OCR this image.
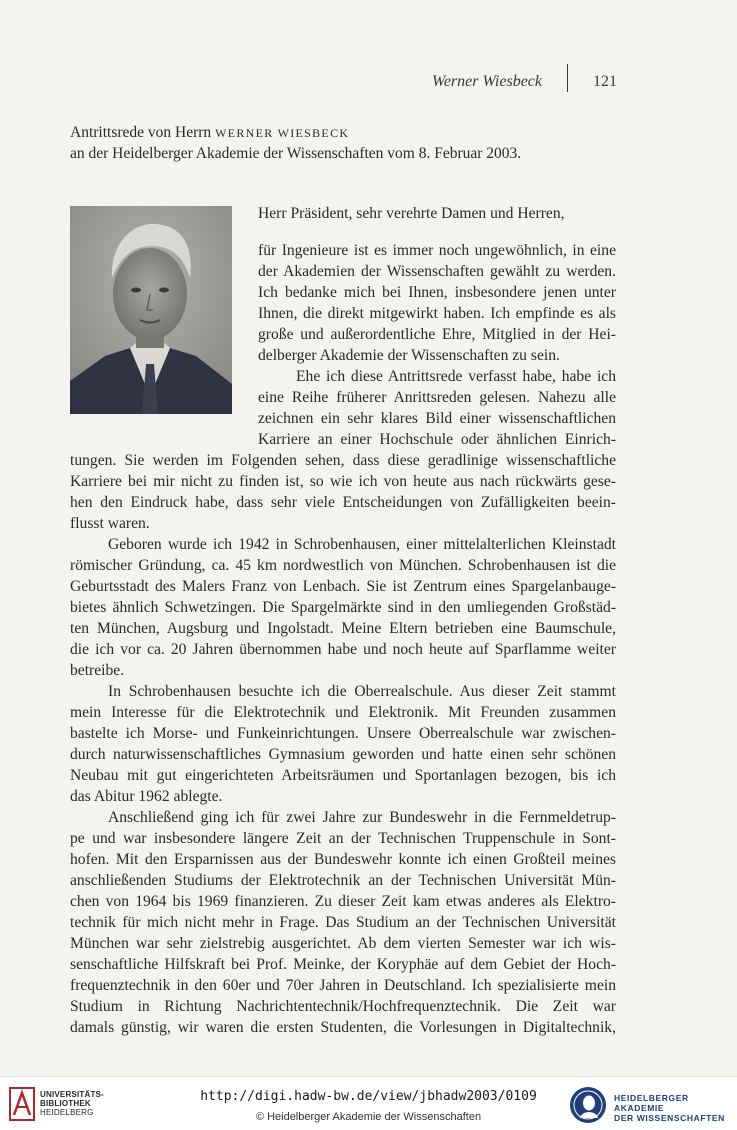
Werner Wiesbeck	121
Antrittsrede von Herrn WERNER WIESBECK
an der Heidelberger Akademie der Wissenschaften vom 8. Februar 2003.
Herr Präsident, sehr verehrte Damen und Herren,
für Ingenieure ist es immer noch ungewöhnlich, in eine
der Akademien der Wissenschaften gewählt zu werden.
Ich bedanke mich bei Ihnen, insbesondere jenen unter
Ihnen, die direkt mitgewirkt haben. Ich empfinde es als
große und außerordentliche Ehre, Mitglied in der Hei-
delberger Akademie der Wissenschaften zu sein.
Ehe ich diese Antrittsrede verfasst habe, habe ich
eine Reihe früherer Anrittsreden gelesen. Nahezu alle
zeichnen ein sehr klares Bild einer wissenschaftlichen
Karriere an einer Hochschule oder ähnlichen Einrich-
tungen. Sie werden im Folgenden sehen, dass diese geradlinige wissenschaftliche
Karriere bei mir nicht zu finden ist, so wie ich von heute aus nach rückwärts gese-
hen den Eindruck habe, dass sehr viele Entscheidungen von Zufälligkeiten beein-
flusst waren.
Geboren wurde ich 1942 in Schrobenhausen, einer mittelalterlichen Kleinstadt
römischer Gründung, ca. 45 km nordwestlich von München. Schrobenhausen ist die
Geburtsstadt des Malers Franz von Lenbach. Sie ist Zentrum eines Spargelanbauge-
bietes ähnlich Schwetzingen. Die Spargelmärkte sind in den umliegenden Großstäd-
ten München, Augsburg und Ingolstadt. Meine Eltern betrieben eine Baumschule,
die ich vor ca. 20 Jahren übernommen habe und noch heute auf Sparflamme weiter
betreibe.
In Schrobenhausen besuchte ich die Oberrealschule. Aus dieser Zeit stammt
mein Interesse für die Elektrotechnik und Elektronik. Mit Freunden zusammen
bastelte ich Morse- und Funkeinrichtungen. Unsere Oberrealschule war zwischen-
durch naturwissenschaftliches Gymnasium geworden und hatte einen sehr schönen
Neubau mit gut eingerichteten Arbeitsräumen und Sportanlagen bezogen, bis ich
das Abitur 1962 ablegte.
Anschließend ging ich für zwei Jahre zur Bundeswehr in die Fernmeldetrup-
pe und war insbesondere längere Zeit an der Technischen Truppenschule in Sont-
hofen. Mit den Ersparnissen aus der Bundeswehr konnte ich einen Großteil meines
anschließenden Studiums der Elektrotechnik an der Technischen Universität Mün-
chen von 1964 bis 1969 finanzieren. Zu dieser Zeit kam etwas anderes als Elektro-
technik für mich nicht mehr in Frage. Das Studium an der Technischen Universität
München war sehr zielstrebig ausgerichtet. Ab dem vierten Semester war ich wis-
senschaftliche Hilfskraft bei Prof. Meinke, der Koryphäe auf dem Gebiet der Hoch-
frequenztechnik in den 60er und 70er Jahren in Deutschland. Ich spezialisierte mein
Studium in Richtung Nachrichtentechnik/Hochfrequenztechnik. Die Zeit war
damals günstig, wir waren die ersten Studenten, die Vorlesungen in Digitaltechnik,
UNIVERSITÄTS-
BIBLIOTHEK
HEIDELBERG
http://digi.hadw-bw.de/view/jbhadw2003/0109
© Heidelberger Akademie der Wissenschaften
HEIDELBERGER AKADEMIE
DER WISSENSCHAFTEN
